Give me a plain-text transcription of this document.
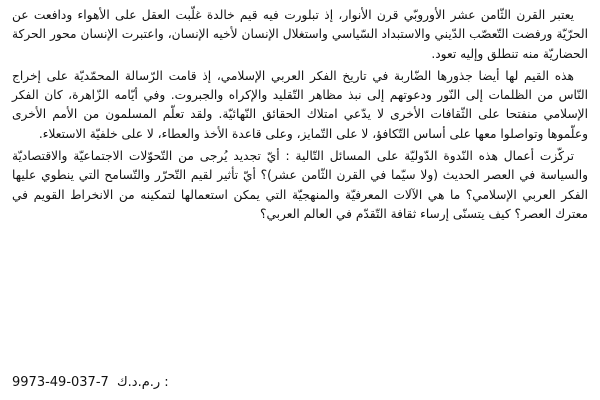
يعتبر القرن الثّامن عشر الأوروبّي قرن الأنوار، إذ تبلورت فيه قيم خالدة غلّبت العقل على الأهواء ودافعت عن الحرّيّة ورفضت التّعصّب الدّيني والاستبداد السّياسي واستغلال الإنسان لأخيه الإنسان، واعتبرت الإنسان محور الحركة الحضاريّة منه تنطلق وإليه تعود.

هذه القيم لها أيضا جذورها الضّاربة في تاريخ الفكر العربي الإسلامي، إذ قامت الرّسالة المحمّديّة على إخراج النّاس من الظلمات إلى النّور ودعوتهم إلى نبذ مظاهر التّقليد والإكراه والجبروت. وفي أيّامه الزّاهرة، كان الفكر الإسلامي منفتحا على الثّقافات الأخرى لا يدّعي امتلاك الحقائق النّهائيّة. ولقد تعلّم المسلمون من الأمم الأخرى وعلّموها وتواصلوا معها على أساس التّكافؤ، لا على التّمايز، وعلى قاعدة الأخذ والعطاء، لا على خلفيّة الاستعلاء.

تركّزت أعمال هذه النّدوة الدّوليّة على المسائل التّالية : أيّ تجديد يُرجى من التّحوّلات الاجتماعيّة والاقتصاديّة والسياسة في العصر الحديث (ولا سيّما في القرن الثّامن عشر)؟ أيّ تأثير لقيم التّحرّر والتّسامح التي ينطوي عليها الفكر العربي الإسلامي؟ ما هي الآلات المعرفيّة والمنهجيّة التي يمكن استعمالها لتمكينه من الانخراط القويم في معترك العصر؟ كيف يتسنّى إرساء ثقافة التّقدّم في العالم العربي؟

9973-49-037-7 ر.م.د.ك :
